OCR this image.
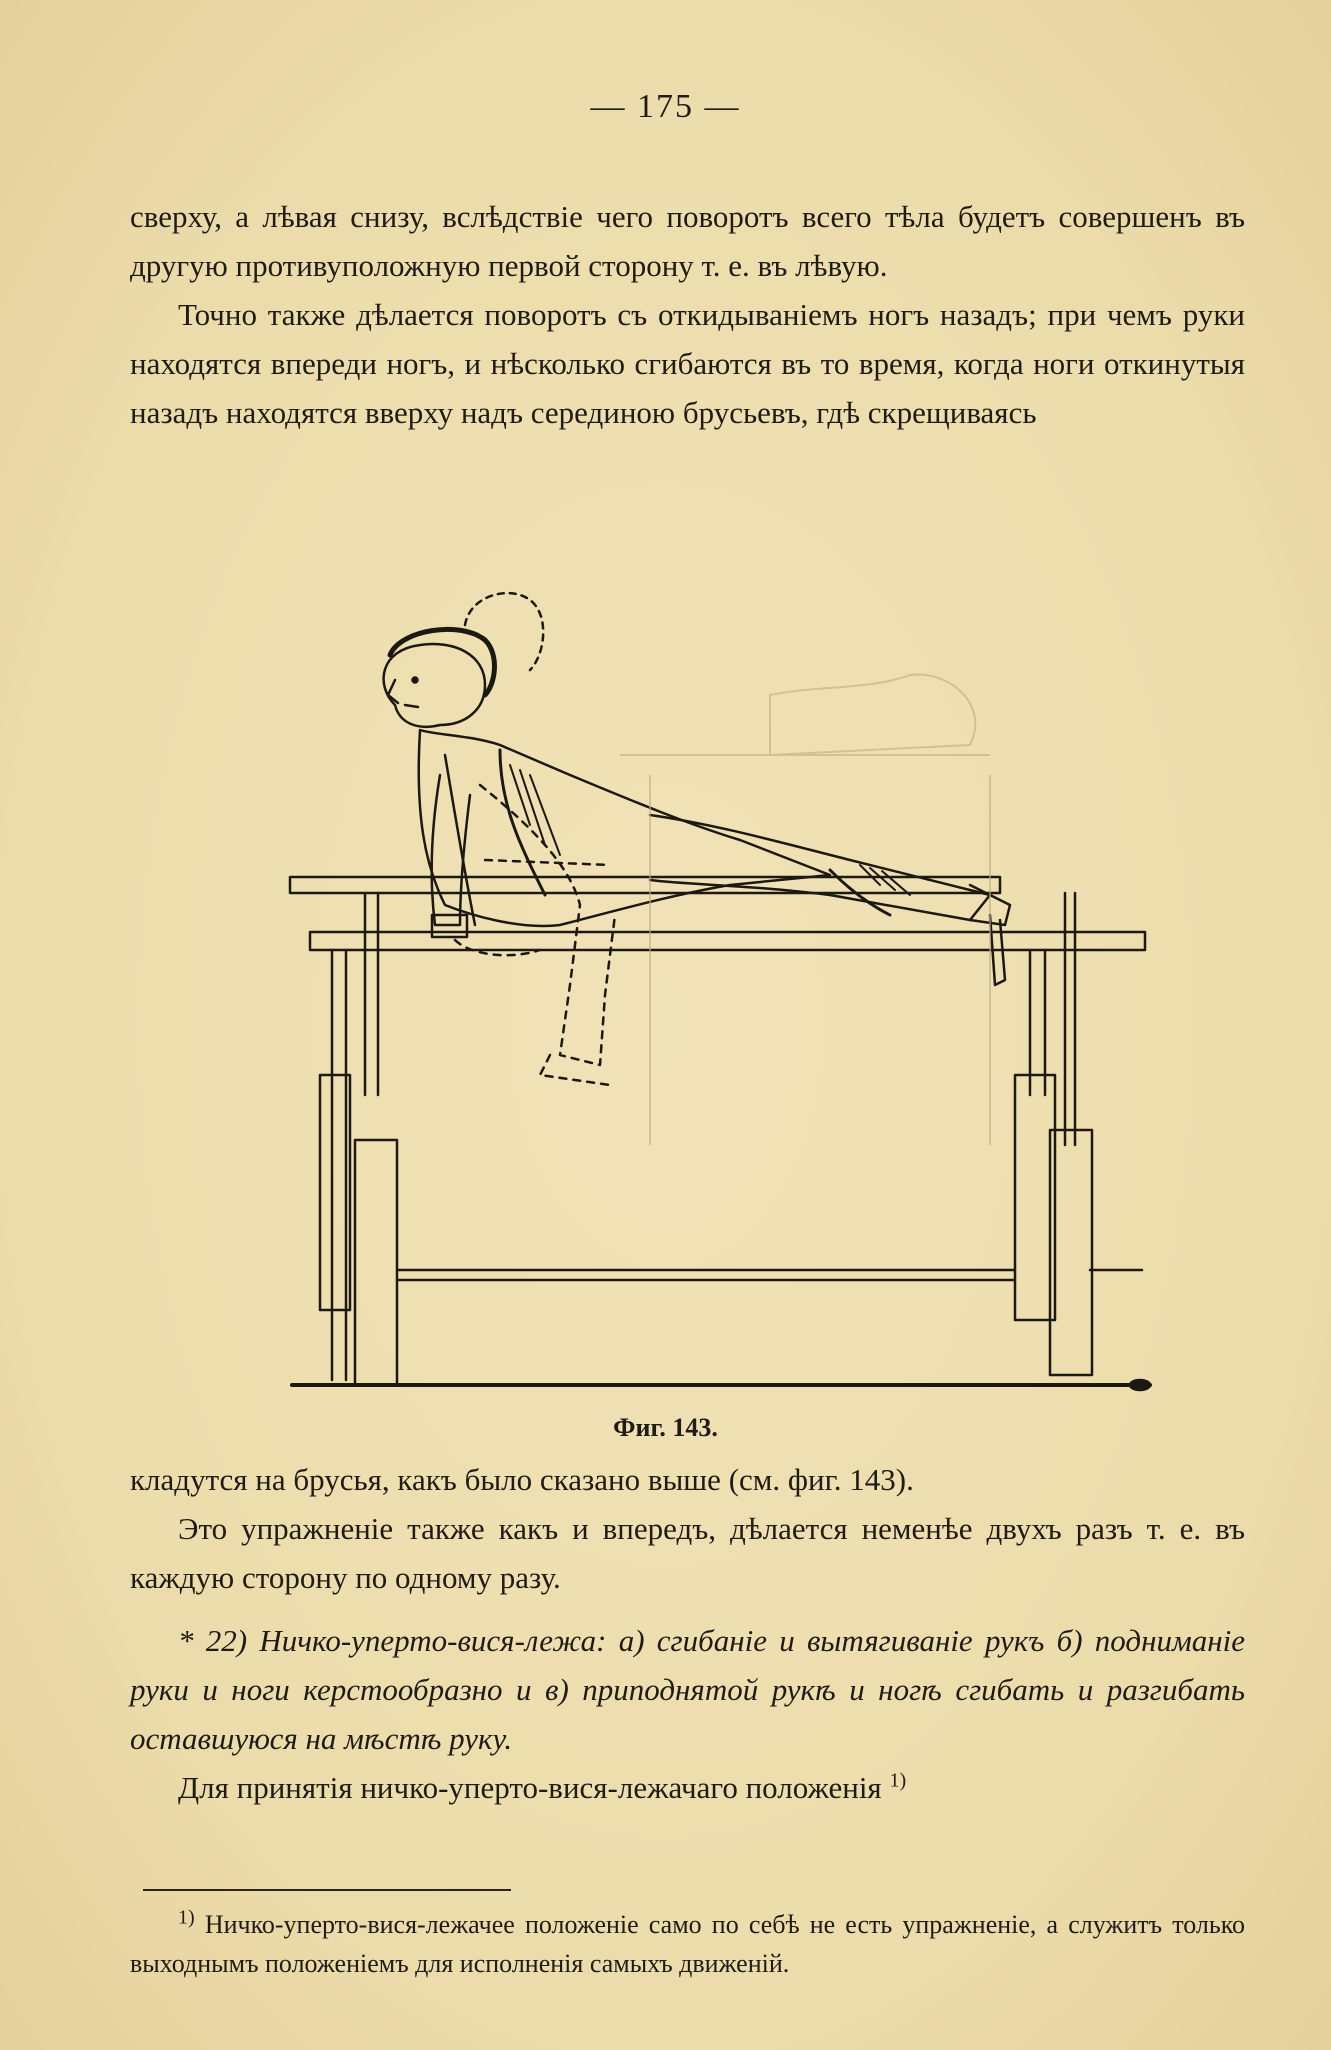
— 175 —

сверху, а лѣвая снизу, вслѣдствіе чего поворотъ всего тѣла будетъ совершенъ въ другую противуположную первой сторону т. е. въ лѣвую.

Точно также дѣлается поворотъ съ откидываніемъ ногъ назадъ; при чемъ руки находятся впереди ногъ, и нѣсколько сгибаются въ то время, когда ноги откинутыя назадъ находятся вверху надъ серединою брусьевъ, гдѣ скрещиваясь

Фиг. 143.

кладутся на брусья, какъ было сказано выше (см. фиг. 143).

Это упражненіе также какъ и впередъ, дѣлается неменѣе двухъ разъ т. е. въ каждую сторону по одному разу.

* 22) Ничко-уперто-вися-лежа: а) сгибаніе и вытягиваніе рукъ б) подниманіе руки и ноги керстообразно и в) приподнятой рукѣ и ногѣ сгибать и разгибать оставшуюся на мѣстѣ руку.

Для принятія ничко-уперто-вися-лежачаго положенія $^{1)}$

$^{1)}$ Ничко-уперто-вися-лежачее положеніе само по себѣ не есть упражненіе, а служитъ только выходнымъ положеніемъ для исполненія самыхъ движеній.
